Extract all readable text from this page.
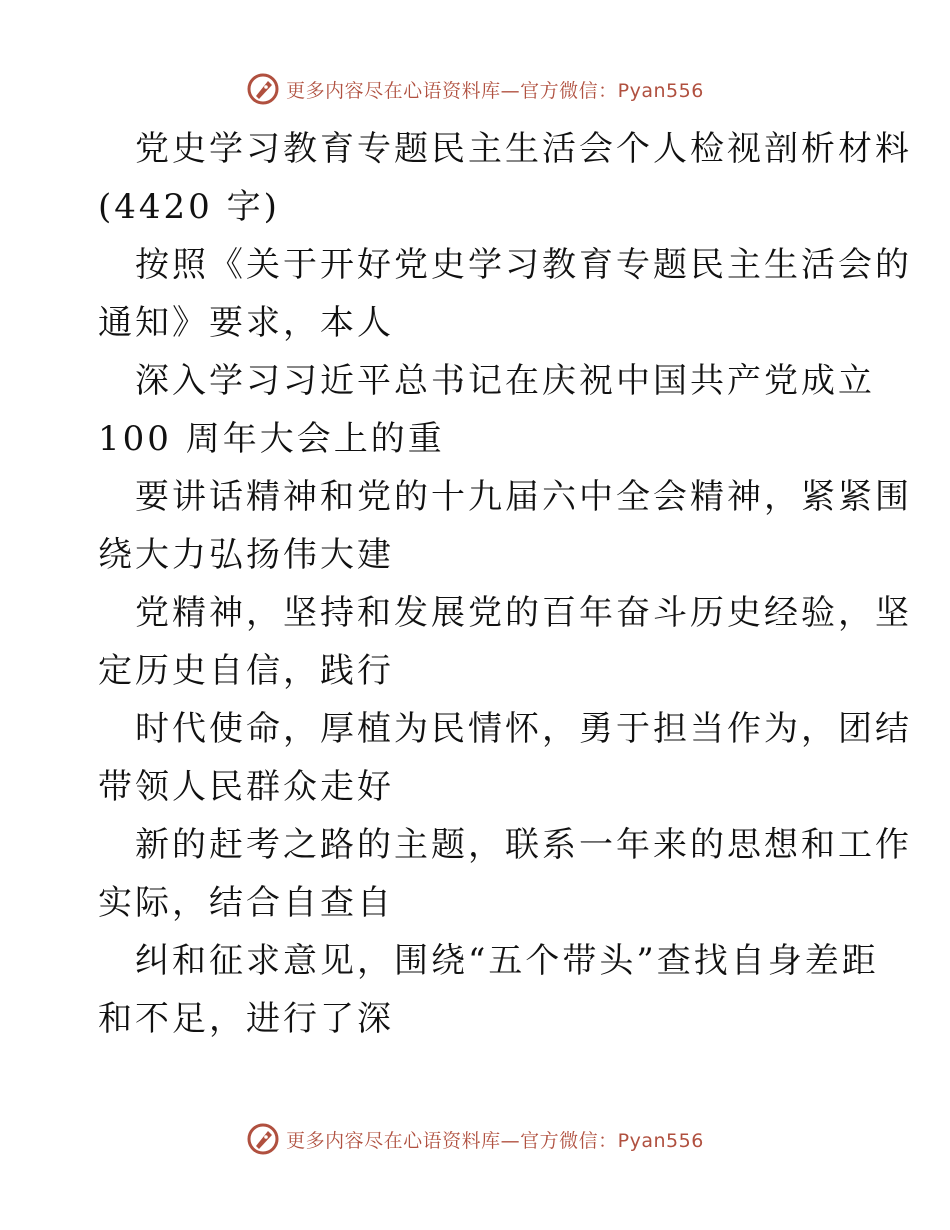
更多内容尽在心语资料库—官方微信：Pyan556

党史学习教育专题民主生活会个人检视剖析材料
(4420 字)

按照《关于开好党史学习教育专题民主生活会的
通知》要求，本人

深入学习习近平总书记在庆祝中国共产党成立
100 周年大会上的重

要讲话精神和党的十九届六中全会精神，紧紧围
绕大力弘扬伟大建

党精神，坚持和发展党的百年奋斗历史经验，坚
定历史自信，践行

时代使命，厚植为民情怀，勇于担当作为，团结
带领人民群众走好

新的赶考之路的主题，联系一年来的思想和工作
实际，结合自查自

纠和征求意见，围绕“五个带头”查找自身差距
和不足，进行了深

更多内容尽在心语资料库—官方微信：Pyan556
